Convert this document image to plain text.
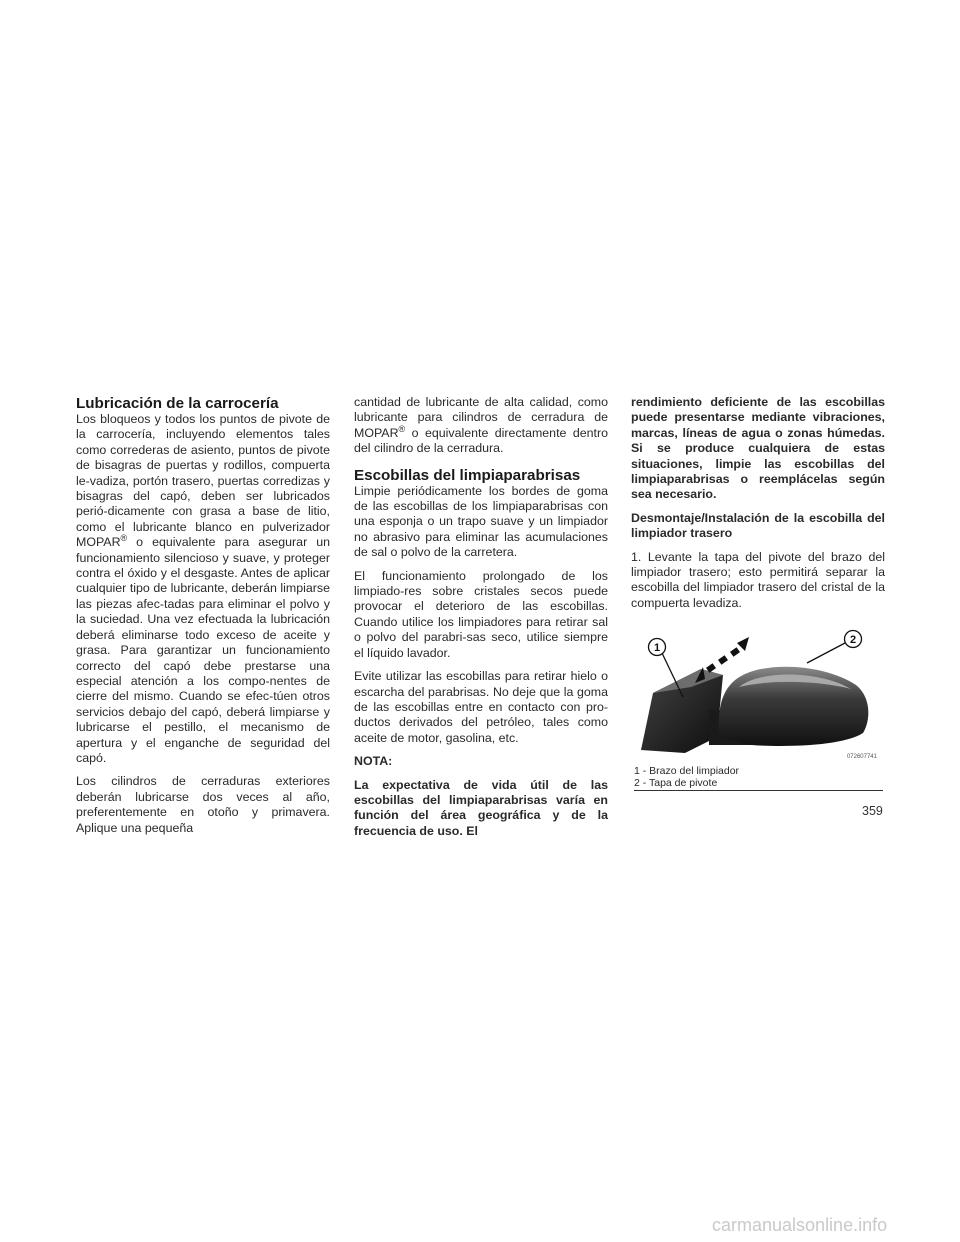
Lubricación de la carrocería

Los bloqueos y todos los puntos de pivote de la carrocería, incluyendo elementos tales como correderas de asiento, puntos de pivote de bisagras de puertas y rodillos, compuerta le-vadiza, portón trasero, puertas corredizas y bisagras del capó, deben ser lubricados perió-dicamente con grasa a base de litio, como el lubricante blanco en pulverizador MOPAR® o equivalente para asegurar un funcionamiento silencioso y suave, y proteger contra el óxido y el desgaste. Antes de aplicar cualquier tipo de lubricante, deberán limpiarse las piezas afec-tadas para eliminar el polvo y la suciedad. Una vez efectuada la lubricación deberá eliminarse todo exceso de aceite y grasa. Para garantizar un funcionamiento correcto del capó debe prestarse una especial atención a los compo-nentes de cierre del mismo. Cuando se efec-túen otros servicios debajo del capó, deberá limpiarse y lubricarse el pestillo, el mecanismo de apertura y el enganche de seguridad del capó.

Los cilindros de cerraduras exteriores deberán lubricarse dos veces al año, preferentemente en otoño y primavera. Aplique una pequeña

cantidad de lubricante de alta calidad, como lubricante para cilindros de cerradura de MOPAR® o equivalente directamente dentro del cilindro de la cerradura.

Escobillas del limpiaparabrisas

Limpie periódicamente los bordes de goma de las escobillas de los limpiaparabrisas con una esponja o un trapo suave y un limpiador no abrasivo para eliminar las acumulaciones de sal o polvo de la carretera.

El funcionamiento prolongado de los limpiado-res sobre cristales secos puede provocar el deterioro de las escobillas. Cuando utilice los limpiadores para retirar sal o polvo del parabri-sas seco, utilice siempre el líquido lavador.

Evite utilizar las escobillas para retirar hielo o escarcha del parabrisas. No deje que la goma de las escobillas entre en contacto con pro-ductos derivados del petróleo, tales como aceite de motor, gasolina, etc.

NOTA:

La expectativa de vida útil de las escobillas del limpiaparabrisas varía en función del área geográfica y de la frecuencia de uso. El

rendimiento deficiente de las escobillas puede presentarse mediante vibraciones, marcas, líneas de agua o zonas húmedas. Si se produce cualquiera de estas situaciones, limpie las escobillas del limpiaparabrisas o reemplácelas según sea necesario.

Desmontaje/Instalación de la escobilla del limpiador trasero

1. Levante la tapa del pivote del brazo del limpiador trasero; esto permitirá separar la escobilla del limpiador trasero del cristal de la compuerta levadiza.

1
2
072607741
1 - Brazo del limpiador
2 - Tapa de pivote
359
carmanualsonline.info
